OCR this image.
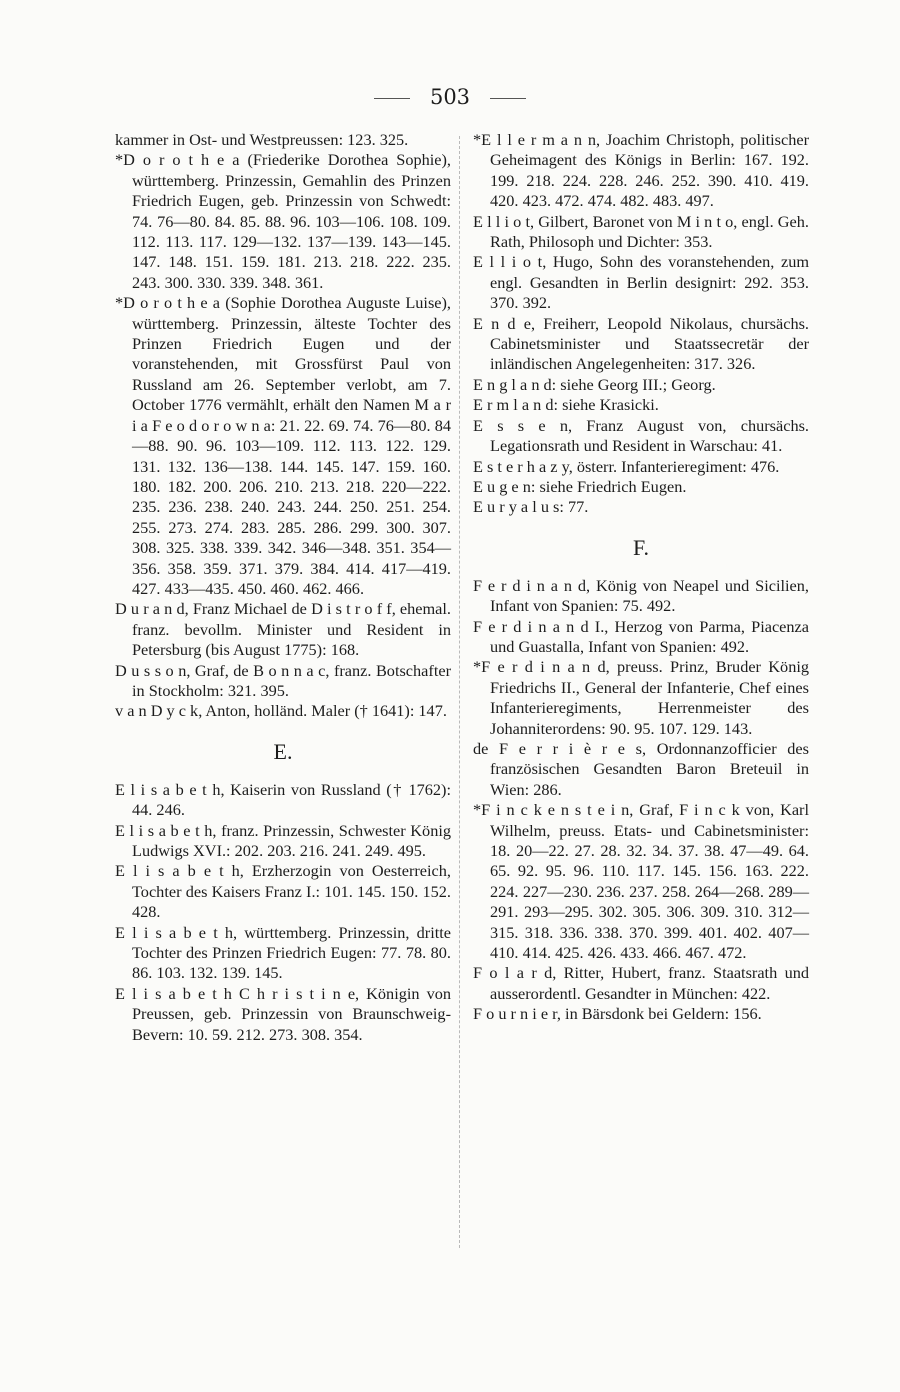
503

kammer in Ost- und Westpreussen: 123. 325.

*D o r o t h e a (Friederike Dorothea Sophie), württemberg. Prinzessin, Gemahlin des Prinzen Friedrich Eugen, geb. Prinzessin von Schwedt: 74. 76—80. 84. 85. 88. 96. 103—106. 108. 109. 112. 113. 117. 129—132. 137—139. 143—145. 147. 148. 151. 159. 181. 213. 218. 222. 235. 243. 300. 330. 339. 348. 361.

*D o r o t h e a (Sophie Dorothea Auguste Luise), württemberg. Prinzessin, älteste Tochter des Prinzen Friedrich Eugen und der voranstehenden, mit Grossfürst Paul von Russland am 26. September verlobt, am 7. October 1776 vermählt, erhält den Namen M a r i a F e o d o r o w n a: 21. 22. 69. 74. 76—80. 84 —88. 90. 96. 103—109. 112. 113. 122. 129. 131. 132. 136—138. 144. 145. 147. 159. 160. 180. 182. 200. 206. 210. 213. 218. 220—222. 235. 236. 238. 240. 243. 244. 250. 251. 254. 255. 273. 274. 283. 285. 286. 299. 300. 307. 308. 325. 338. 339. 342. 346—348. 351. 354—356. 358. 359. 371. 379. 384. 414. 417—419. 427. 433—435. 450. 460. 462. 466.

D u r a n d, Franz Michael de D i s t r o f f, ehemal. franz. bevollm. Minister und Resident in Petersburg (bis August 1775): 168.

D u s s o n, Graf, de B o n n a c, franz. Botschafter in Stockholm: 321. 395.

v a n D y c k, Anton, holländ. Maler († 1641): 147.

E.

E l i s a b e t h, Kaiserin von Russland († 1762): 44. 246.

E l i s a b e t h, franz. Prinzessin, Schwester König Ludwigs XVI.: 202. 203. 216. 241. 249. 495.

E l i s a b e t h, Erzherzogin von Oesterreich, Tochter des Kaisers Franz I.: 101. 145. 150. 152. 428.

E l i s a b e t h, württemberg. Prinzessin, dritte Tochter des Prinzen Friedrich Eugen: 77. 78. 80. 86. 103. 132. 139. 145.

E l i s a b e t h C h r i s t i n e, Königin von Preussen, geb. Prinzessin von Braunschweig-Bevern: 10. 59. 212. 273. 308. 354.

*E l l e r m a n n, Joachim Christoph, politischer Geheimagent des Königs in Berlin: 167. 192. 199. 218. 224. 228. 246. 252. 390. 410. 419. 420. 423. 472. 474. 482. 483. 497.

E l l i o t, Gilbert, Baronet von M i n t o, engl. Geh. Rath, Philosoph und Dichter: 353.

E l l i o t, Hugo, Sohn des voranstehenden, zum engl. Gesandten in Berlin designirt: 292. 353. 370. 392.

E n d e, Freiherr, Leopold Nikolaus, chursächs. Cabinetsminister und Staatssecretär der inländischen Angelegenheiten: 317. 326.

E n g l a n d: siehe Georg III.; Georg.

E r m l a n d: siehe Krasicki.

E s s e n, Franz August von, chursächs. Legationsrath und Resident in Warschau: 41.

E s t e r h a z y, österr. Infanterieregiment: 476.

E u g e n: siehe Friedrich Eugen.

E u r y a l u s: 77.

F.

F e r d i n a n d, König von Neapel und Sicilien, Infant von Spanien: 75. 492.

F e r d i n a n d I., Herzog von Parma, Piacenza und Guastalla, Infant von Spanien: 492.

*F e r d i n a n d, preuss. Prinz, Bruder König Friedrichs II., General der Infanterie, Chef eines Infanterieregiments, Herrenmeister des Johanniterordens: 90. 95. 107. 129. 143.

de F e r r i è r e s, Ordonnanzofficier des französischen Gesandten Baron Breteuil in Wien: 286.

*F i n c k e n s t e i n, Graf, F i n c k von, Karl Wilhelm, preuss. Etats- und Cabinetsminister: 18. 20—22. 27. 28. 32. 34. 37. 38. 47—49. 64. 65. 92. 95. 96. 110. 117. 145. 156. 163. 222. 224. 227—230. 236. 237. 258. 264—268. 289—291. 293—295. 302. 305. 306. 309. 310. 312—315. 318. 336. 338. 370. 399. 401. 402. 407—410. 414. 425. 426. 433. 466. 467. 472.

F o l a r d, Ritter, Hubert, franz. Staatsrath und ausserordentl. Gesandter in München: 422.

F o u r n i e r, in Bärsdonk bei Geldern: 156.
